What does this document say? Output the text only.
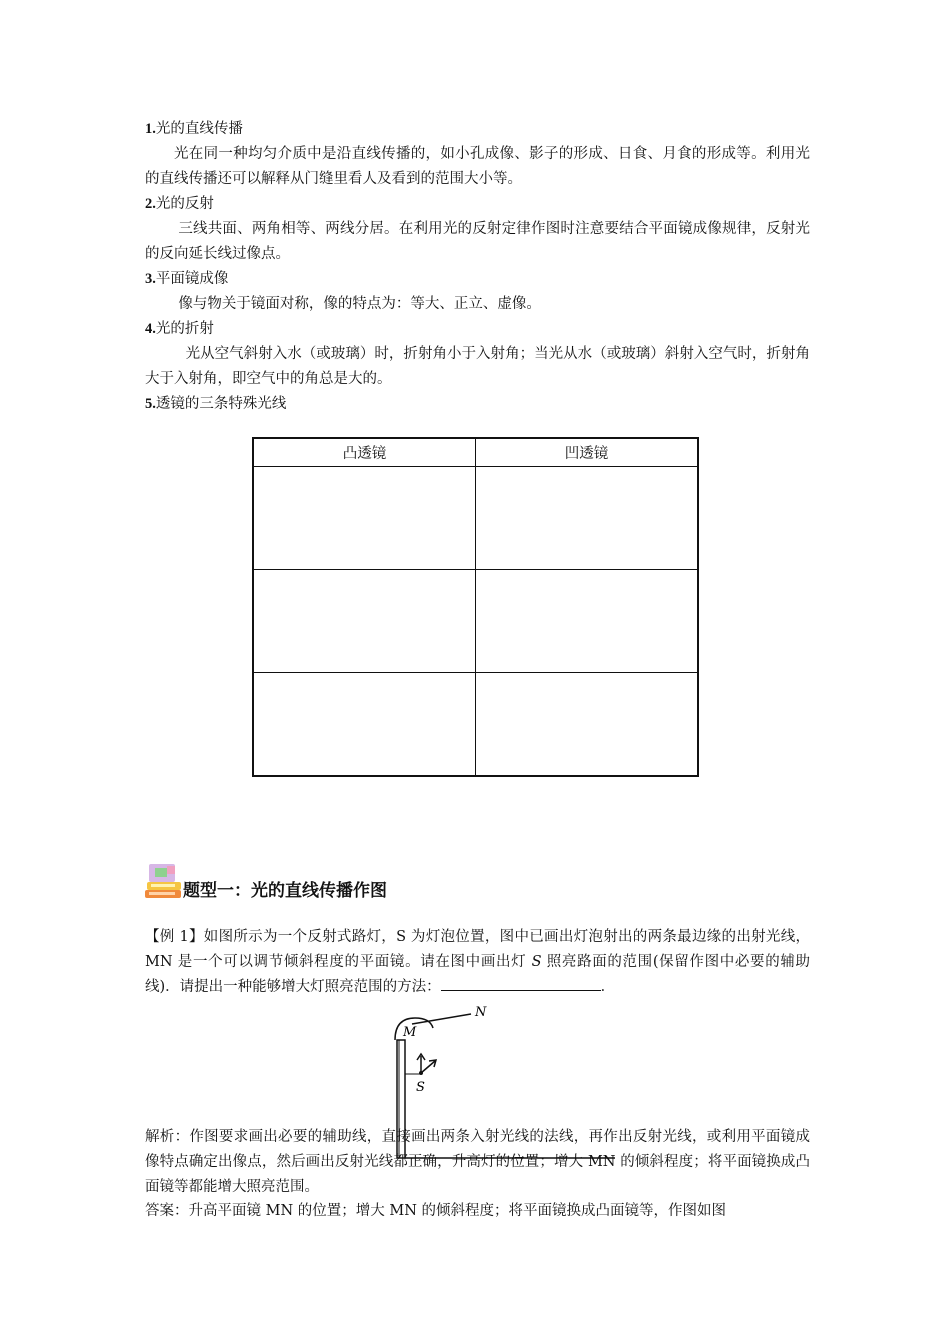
1.光的直线传播
光在同一种均匀介质中是沿直线传播的，如小孔成像、影子的形成、日食、月食的形成等。利用光的直线传播还可以解释从门缝里看人及看到的范围大小等。
2.光的反射
三线共面、两角相等、两线分居。在利用光的反射定律作图时注意要结合平面镜成像规律，反射光的反向延长线过像点。
3.平面镜成像
像与物关于镜面对称，像的特点为：等大、正立、虚像。
4.光的折射
光从空气斜射入水（或玻璃）时，折射角小于入射角；当光从水（或玻璃）斜射入空气时，折射角大于入射角，即空气中的角总是大的。
5.透镜的三条特殊光线
凸透镜	凹透镜

题型一：光的直线传播作图
【例 1】如图所示为一个反射式路灯，S 为灯泡位置，图中已画出灯泡射出的两条最边缘的出射光线，MN 是一个可以调节倾斜程度的平面镜。请在图中画出灯 S 照亮路面的范围(保留作图中必要的辅助线)．请提出一种能够增大灯照亮范围的方法：	．
N
M
S
解析：作图要求画出必要的辅助线，直接画出两条入射光线的法线，再作出反射光线，或利用平面镜成像特点确定出像点，然后画出反射光线都正确，升高灯的位置；增大 MN 的倾斜程度；将平面镜换成凸面镜等都能增大照亮范围。
答案：升高平面镜 MN 的位置；增大 MN 的倾斜程度；将平面镜换成凸面镜等，作图如图
